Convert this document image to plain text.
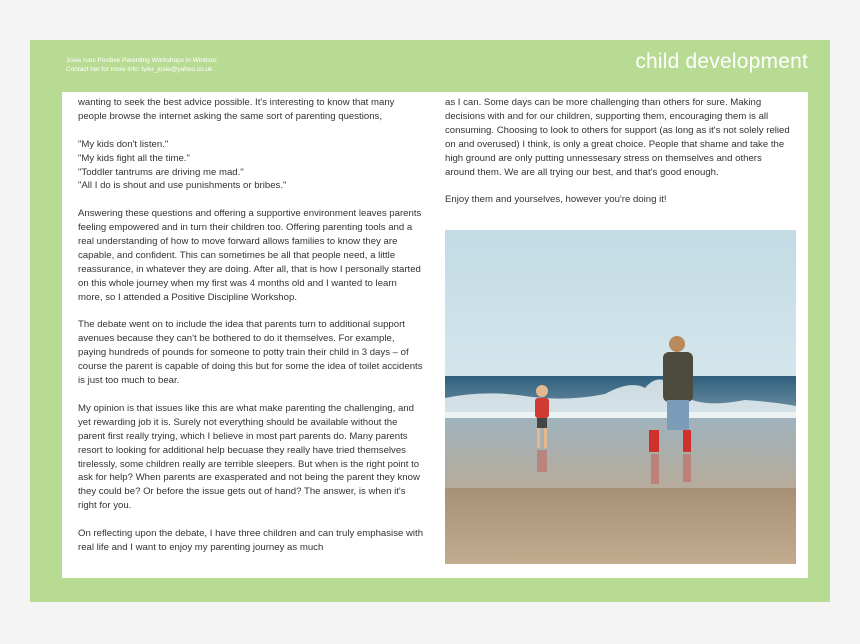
Josie runs Positive Parenting Workshops in Windsor.
Contact her for more info: tyler_josie@yahoo.co.uk	child development

wanting to seek the best advice possible. It's interesting to know that many people browse the internet asking the same sort of parenting questions,

"My kids don't listen."
"My kids fight all the time."
"Toddler tantrums are driving me mad."
"All I do is shout and use punishments or bribes."

Answering these questions and offering a supportive environment leaves parents feeling empowered and in turn their children too. Offering parenting tools and a real understanding of how to move forward allows families to know they are capable, and confident. This can sometimes be all that people need, a little reassurance, in whatever they are doing. After all, that is how I personally started on this whole journey when my first was 4 months old and I wanted to learn more, so I attended a Positive Discipline Workshop.

The debate went on to include the idea that parents turn to additional support avenues because they can't be bothered to do it themselves. For example, paying hundreds of pounds for someone to potty train their child in 3 days – of course the parent is capable of doing this but for some the idea of toilet accidents is just too much to bear.

My opinion is that issues like this are what make parenting the challenging, and yet rewarding job it is. Surely not everything should be available without the parent first really trying, which I believe in most part parents do. Many parents resort to looking for additional help becuase they really have tried themselves tirelessly, some children really are terrible sleepers. But when is the right point to ask for help? When parents are exasperated and not being the parent they know they could be? Or before the issue gets out of hand? The answer, is when it's right for you.

On reflecting upon the debate, I have three children and can truly emphasise with real life and I want to enjoy my parenting journey as much

as I can. Some days can be more challenging than others for sure. Making decisions with and for our children, supporting them, encouraging them is all consuming. Choosing to look to others for support (as long as it's not solely relied on and overused) I think, is only a great choice. People that shame and take the high ground are only putting unnessesary stress on themselves and others around them. We are all trying our best, and that's good enough.

Enjoy them and yourselves, however you're doing it!
